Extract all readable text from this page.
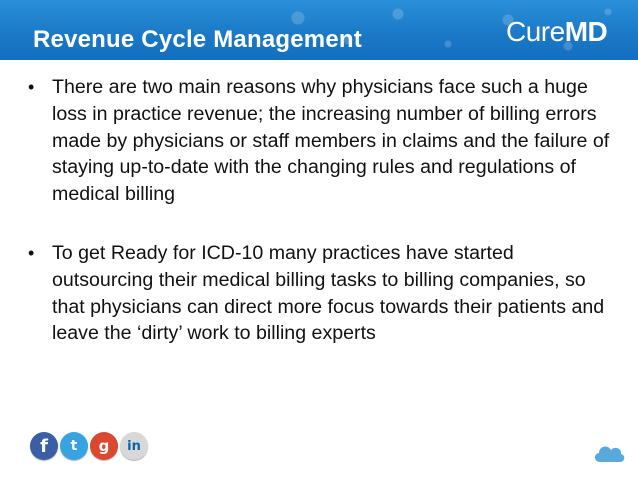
Revenue Cycle Management	CureMD
• There are two main reasons why physicians face such a huge loss in practice revenue; the increasing number of billing errors made by physicians or staff members in claims and the failure of staying up-to-date with the changing rules and regulations of medical billing
• To get Ready for ICD-10 many practices have started outsourcing their medical billing tasks to billing companies, so that physicians can direct more focus towards their patients and leave the ‘dirty’ work to billing experts
f	t	g	in
